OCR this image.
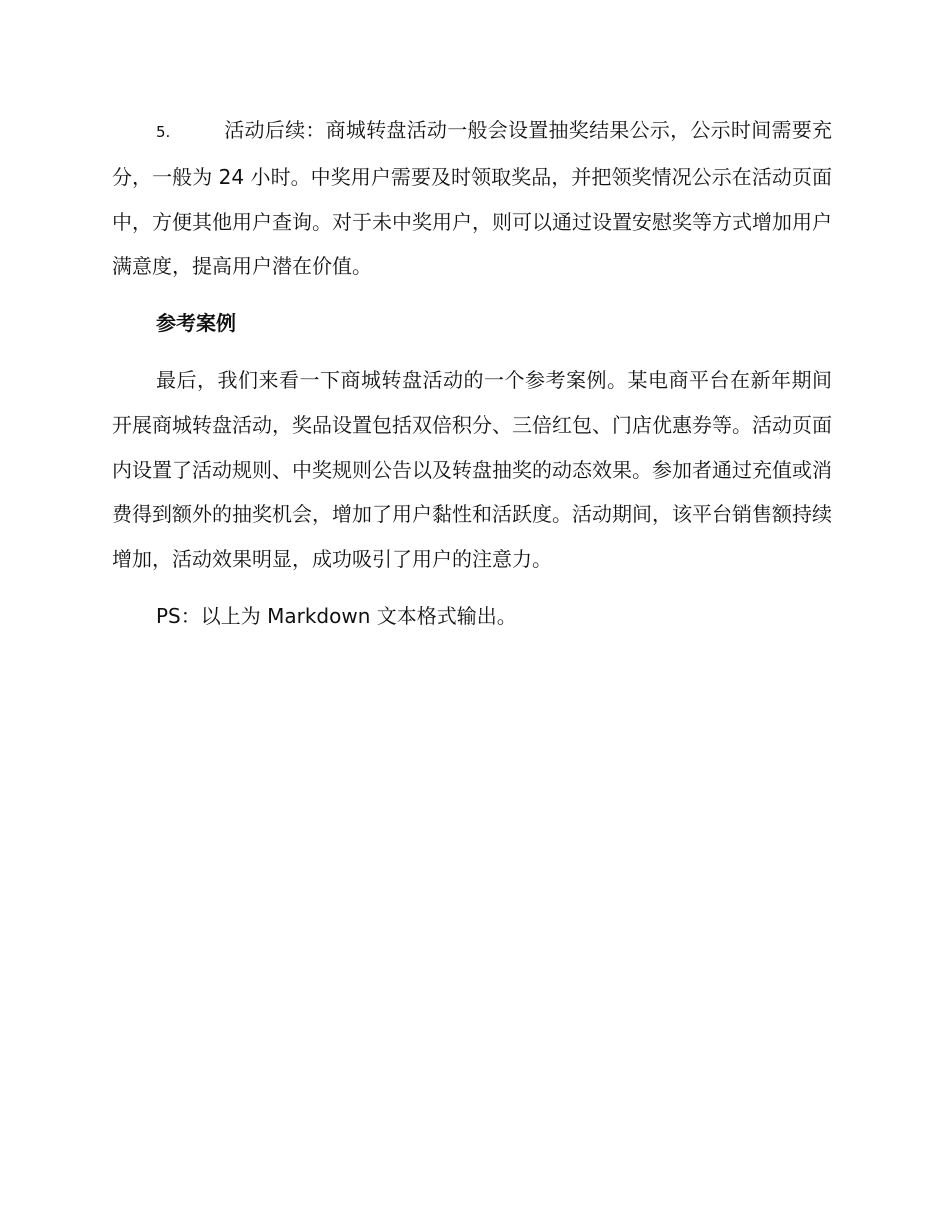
5.	活动后续：商城转盘活动一般会设置抽奖结果公示，公示时间需要充分，一般为 24 小时。中奖用户需要及时领取奖品，并把领奖情况公示在活动页面中，方便其他用户查询。对于未中奖用户，则可以通过设置安慰奖等方式增加用户满意度，提高用户潜在价值。

参考案例

最后，我们来看一下商城转盘活动的一个参考案例。某电商平台在新年期间开展商城转盘活动，奖品设置包括双倍积分、三倍红包、门店优惠券等。活动页面内设置了活动规则、中奖规则公告以及转盘抽奖的动态效果。参加者通过充值或消费得到额外的抽奖机会，增加了用户黏性和活跃度。活动期间，该平台销售额持续增加，活动效果明显，成功吸引了用户的注意力。

PS：以上为 Markdown 文本格式输出。
